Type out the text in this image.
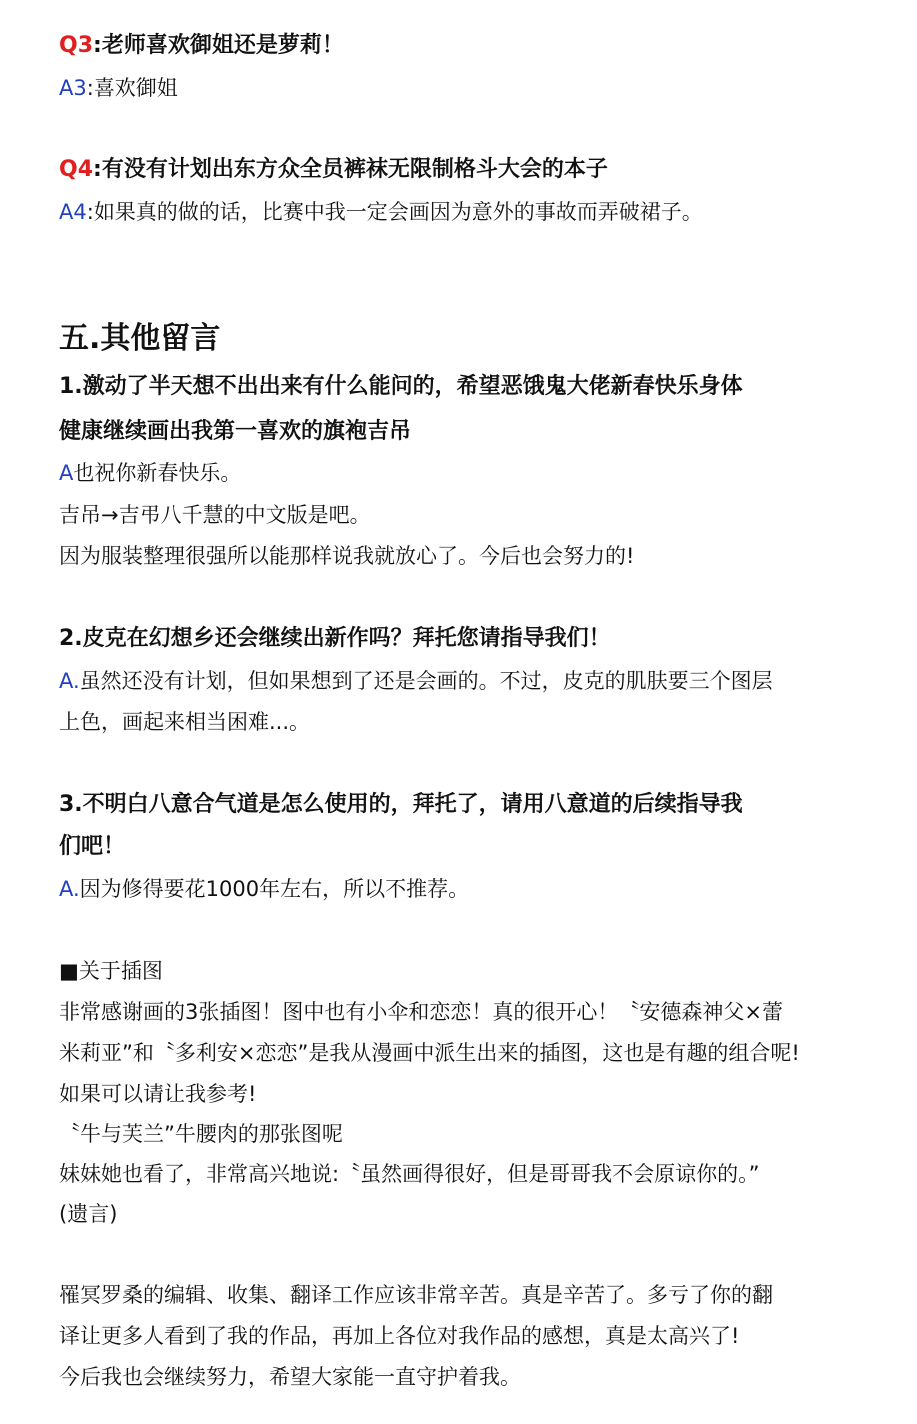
Q3:老师喜欢御姐还是萝莉！
A3:喜欢御姐
Q4:有没有计划出东方众全员裤袜无限制格斗大会的本子
A4:如果真的做的话，比赛中我一定会画因为意外的事故而弄破裙子。
五.其他留言
1.激动了半天想不出出来有什么能问的，希望恶饿鬼大佬新春快乐身体
健康继续画出我第一喜欢的旗袍吉吊
A也祝你新春快乐。
吉吊→吉弔八千慧的中文版是吧。
因为服装整理很强所以能那样说我就放心了。今后也会努力的!
2.皮克在幻想乡还会继续出新作吗？拜托您请指导我们！
A.虽然还没有计划，但如果想到了还是会画的。不过，皮克的肌肤要三个图层
上色，画起来相当困难...。
3.不明白八意合气道是怎么使用的，拜托了，请用八意道的后续指导我
们吧！
A.因为修得要花1000年左右，所以不推荐。
■关于插图
非常感谢画的3张插图！图中也有小伞和恋恋！真的很开心！〝安德森神父×蕾
米莉亚”和〝多利安×恋恋”是我从漫画中派生出来的插图，这也是有趣的组合呢!
如果可以请让我参考!
〝牛与芙兰”牛腰肉的那张图呢
妹妹她也看了，非常高兴地说:〝虽然画得很好，但是哥哥我不会原谅你的。”
(遗言)
罹冥罗桑的编辑、收集、翻译工作应该非常辛苦。真是辛苦了。多亏了你的翻
译让更多人看到了我的作品，再加上各位对我作品的感想，真是太高兴了!
今后我也会继续努力，希望大家能一直守护着我。
